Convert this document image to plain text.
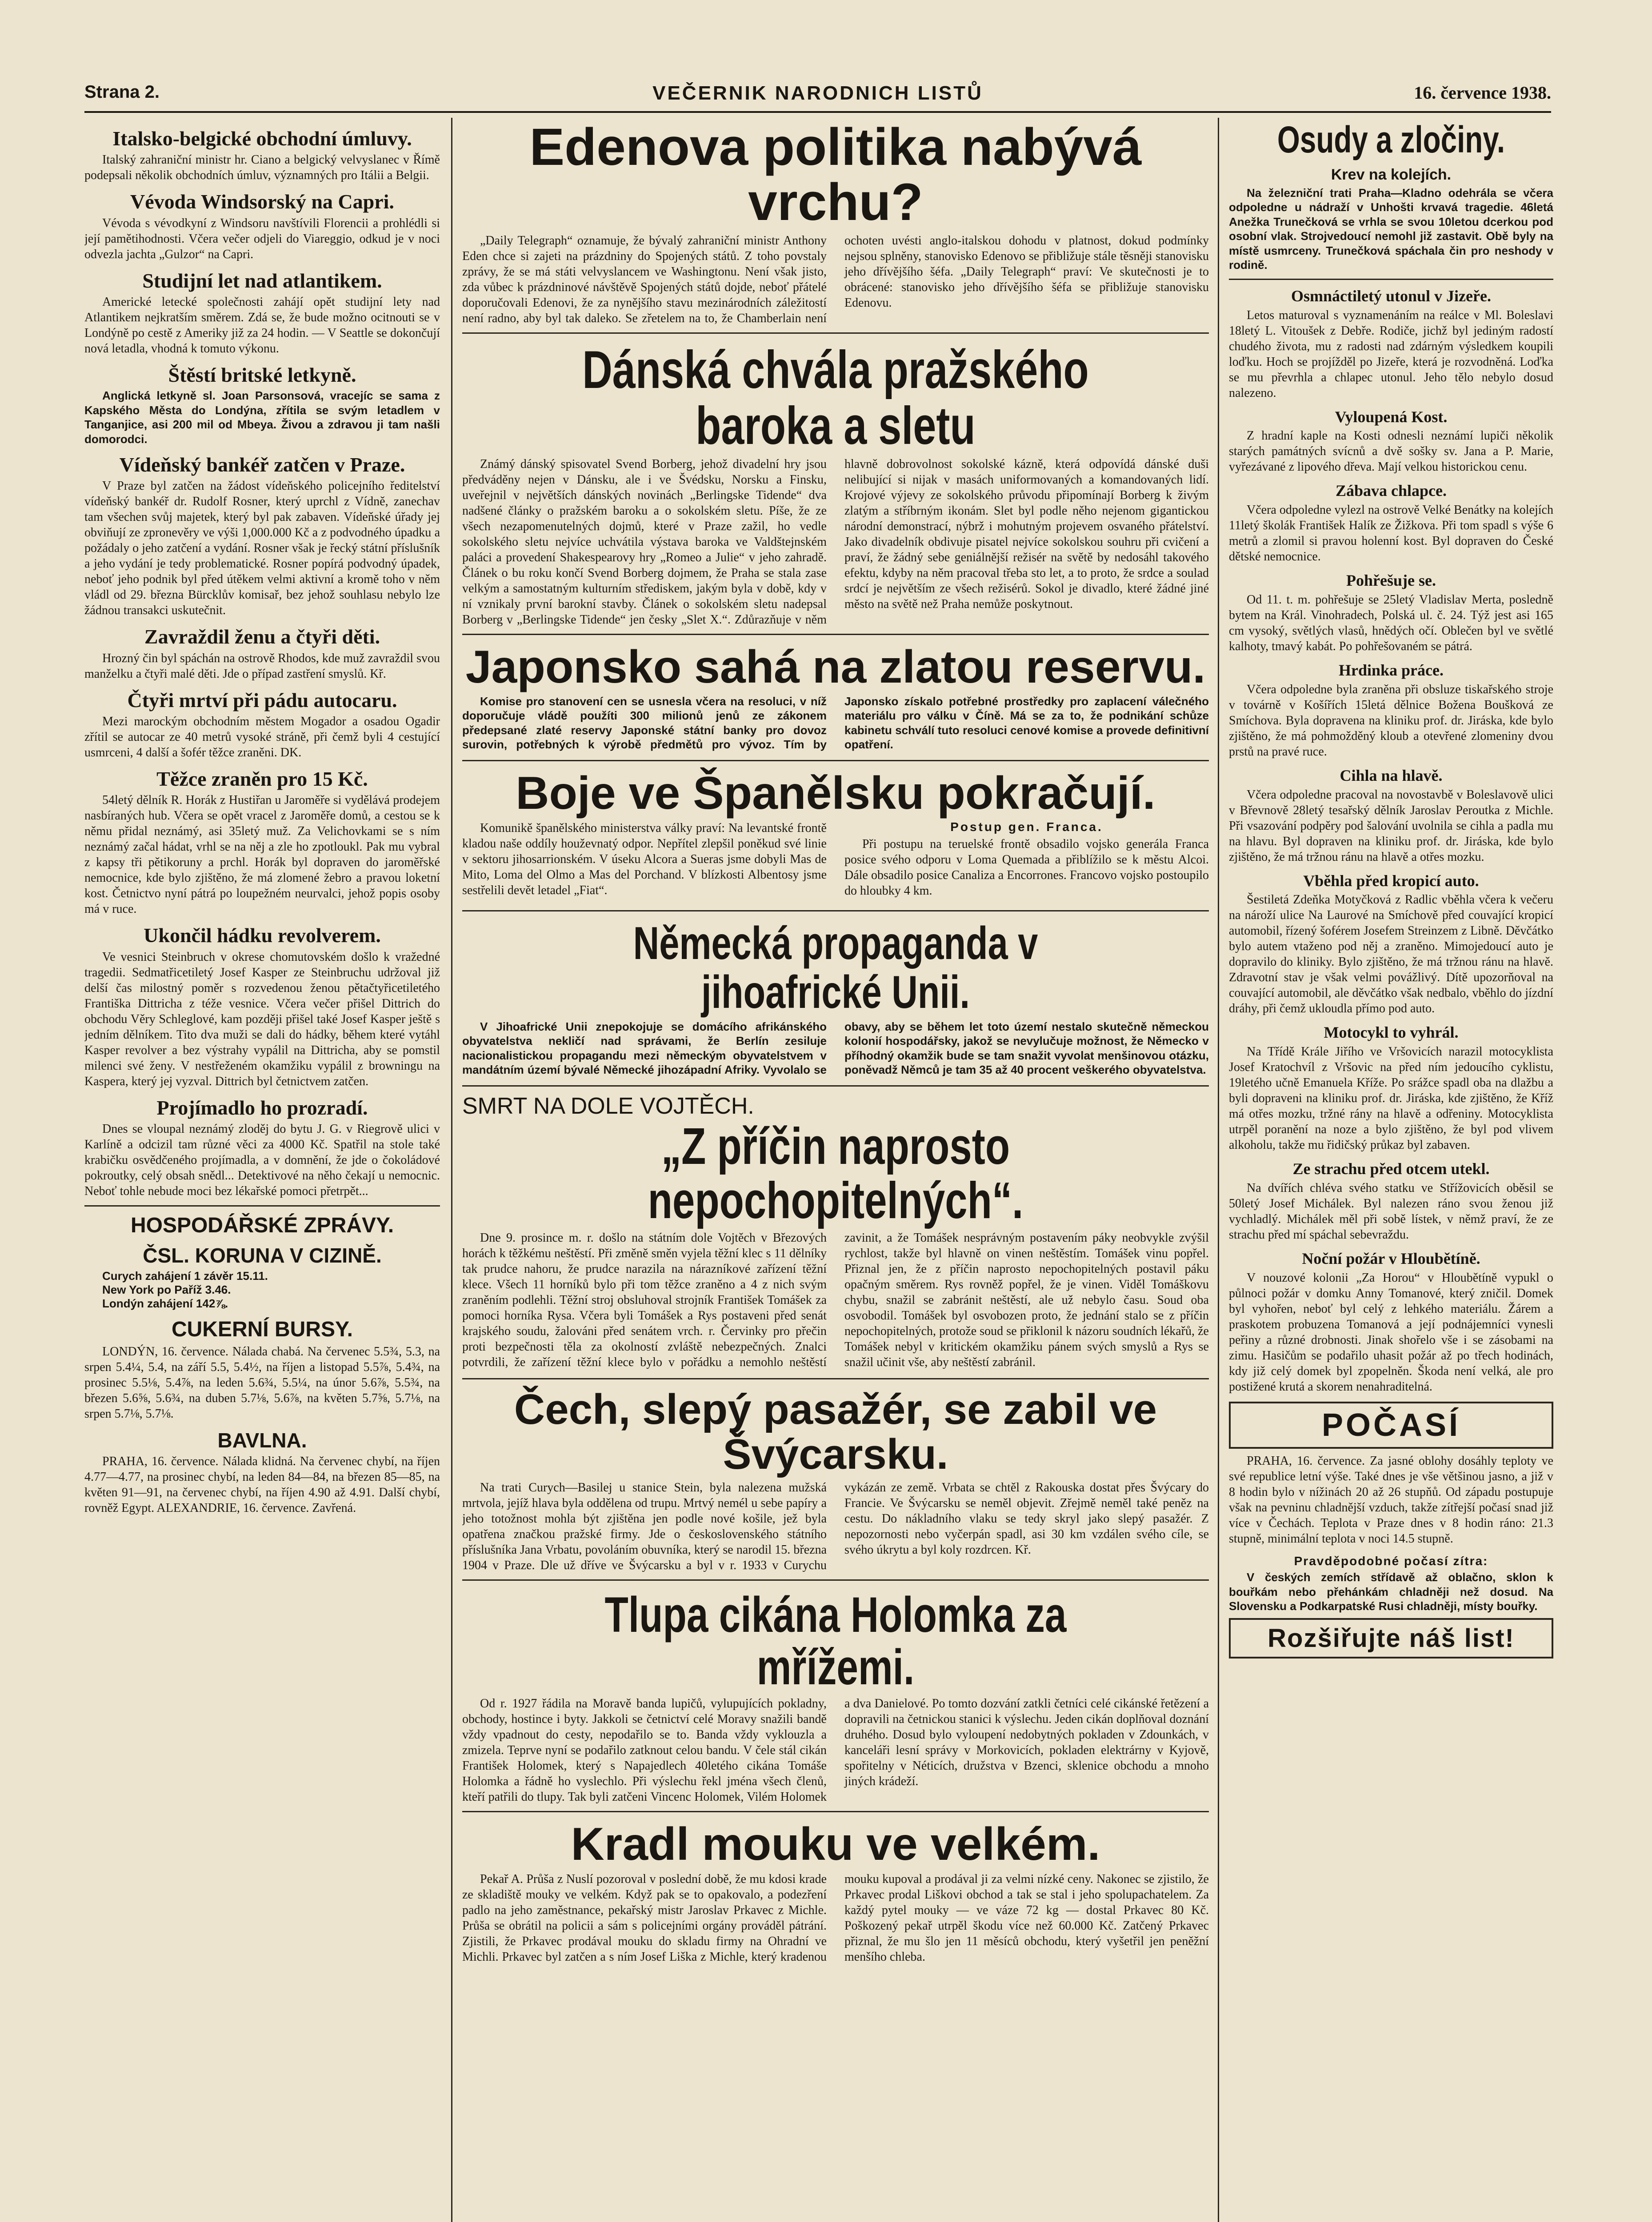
Strana 2.	VEČERNIK NARODNICH LISTŮ	16. července 1938.
Italsko-belgické obchodní úmluvy.

Italský zahraniční ministr hr. Ciano a belgický velvyslanec v Římě podepsali několik obchodních úmluv, významných pro Itálii a Belgii.

Vévoda Windsorský na Capri.

Vévoda s vévodkyní z Windsoru navštívili Florencii a prohlédli si její pamětihodnosti. Včera večer odjeli do Viareggio, odkud je v noci odvezla jachta „Gulzor“ na Capri.

Studijní let nad atlantikem.

Americké letecké společnosti zahájí opět studijní lety nad Atlantikem nejkratším směrem. Zdá se, že bude možno ocitnouti se v Londýně po cestě z Ameriky již za 24 hodin. — V Seattle se dokončují nová letadla, vhodná k tomuto výkonu.

Štěstí britské letkyně.

Anglická letkyně sl. Joan Parsonsová, vracejíc se sama z Kapského Města do Londýna, zřítila se svým letadlem v Tanganjice, asi 200 mil od Mbeya. Živou a zdravou ji tam našli domorodci.

Vídeňský bankéř zatčen v Praze.

V Praze byl zatčen na žádost vídeňského policejního ředitelství vídeňský bankéř dr. Rudolf Rosner, který uprchl z Vídně, zanechav tam všechen svůj majetek, který byl pak zabaven. Vídeňské úřady jej obviňují ze zpronevěry ve výši 1,000.000 Kč a z podvodného úpadku a požádaly o jeho zatčení a vydání. Rosner však je řecký státní příslušník a jeho vydání je tedy problematické. Rosner popírá podvodný úpadek, neboť jeho podnik byl před útěkem velmi aktivní a kromě toho v něm vládl od 29. března Bürcklův komisař, bez jehož souhlasu nebylo lze žádnou transakci uskutečnit.

Zavraždil ženu a čtyři děti.

Hrozný čin byl spáchán na ostrově Rhodos, kde muž zavraždil svou manželku a čtyři malé děti. Jde o případ zastření smyslů. Kř.

Čtyři mrtví při pádu autocaru.

Mezi marockým obchodním městem Mogador a osadou Ogadir zřítil se autocar ze 40 metrů vysoké stráně, při čemž byli 4 cestující usmrceni, 4 další a šofér těžce zraněni. DK.

Těžce zraněn pro 15 Kč.

54letý dělník R. Horák z Hustiřan u Jaroměře si vydělává prodejem nasbíraných hub. Včera se opět vracel z Jaroměře domů, a cestou se k němu přidal neznámý, asi 35letý muž. Za Velichovkami se s ním neznámý začal hádat, vrhl se na něj a zle ho zpotloukl. Pak mu vybral z kapsy tři pětikoruny a prchl. Horák byl dopraven do jaroměřské nemocnice, kde bylo zjištěno, že má zlomené žebro a pravou loketní kost. Četnictvo nyní pátrá po loupežném neurvalci, jehož popis osoby má v ruce.

Ukončil hádku revolverem.

Ve vesnici Steinbruch v okrese chomutovském došlo k vražedné tragedii. Sedmatřicetiletý Josef Kasper ze Steinbruchu udržoval již delší čas milostný poměr s rozvedenou ženou pětačtyřicetiletého Františka Dittricha z téže vesnice. Včera večer přišel Dittrich do obchodu Věry Schleglové, kam později přišel také Josef Kasper ještě s jedním dělníkem. Tito dva muži se dali do hádky, během které vytáhl Kasper revolver a bez výstrahy vypálil na Dittricha, aby se pomstil milenci své ženy. V nestřeženém okamžiku vypálil z browningu na Kaspera, který jej vyzval. Dittrich byl četnictvem zatčen.

Projímadlo ho prozradí.

Dnes se vloupal neznámý zloděj do bytu J. G. v Riegrově ulici v Karlíně a odcizil tam různé věci za 4000 Kč. Spatřil na stole také krabičku osvědčeného projímadla, a v domnění, že jde o čokoládové pokroutky, celý obsah snědl... Detektivové na něho čekají u nemocnic. Neboť tohle nebude moci bez lékařské pomoci přetrpět...

HOSPODÁŘSKÉ ZPRÁVY.
ČSL. KORUNA V CIZINĚ.
Curych zahájení 1 závěr 15.11.
New York po Paříž 3.46.
Londýn zahájení 142⅞.
CUKERNÍ BURSY.

LONDÝN, 16. července. Nálada chabá. Na červenec 5.5¾, 5.3, na srpen 5.4¼, 5.4, na září 5.5, 5.4½, na říjen a listopad 5.5⅞, 5.4¾, na prosinec 5.5⅛, 5.4⅞, na leden 5.6¾, 5.5¼, na únor 5.6⅞, 5.5¾, na březen 5.6⅝, 5.6¾, na duben 5.7⅛, 5.6⅞, na květen 5.7⅝, 5.7⅛, na srpen 5.7⅛, 5.7⅛.

BAVLNA.

PRAHA, 16. července. Nálada klidná. Na červenec chybí, na říjen 4.77—4.77, na prosinec chybí, na leden 84—84, na březen 85—85, na květen 91—91, na červenec chybí, na říjen 4.90 až 4.91. Další chybí, rovněž Egypt. ALEXANDRIE, 16. července. Zavřená.

Edenova politika nabývá vrchu?

„Daily Telegraph“ oznamuje, že bývalý zahraniční ministr Anthony Eden chce si zajeti na prázdniny do Spojených států. Z toho povstaly zprávy, že se má státi velvyslancem ve Washingtonu. Není však jisto, zda vůbec k prázdninové návštěvě Spojených států dojde, neboť přátelé doporučovali Edenovi, že za nynějšího stavu mezinárodních záležitostí není radno, aby byl tak daleko. Se zřetelem na to, že Chamberlain není ochoten uvésti anglo-italskou dohodu v platnost, dokud podmínky nejsou splněny, stanovisko Edenovo se přibližuje stále těsněji stanovisku jeho dřívějšího šéfa. „Daily Telegraph“ praví: Ve skutečnosti je to obrácené: stanovisko jeho dřívějšího šéfa se přibližuje stanovisku Edenovu.

Dánská chvála pražského baroka a sletu

Známý dánský spisovatel Svend Borberg, jehož divadelní hry jsou předváděny nejen v Dánsku, ale i ve Švédsku, Norsku a Finsku, uveřejnil v největších dánských novinách „Berlingske Tidende“ dva nadšené články o pražském baroku a o sokolském sletu. Píše, že ze všech nezapomenutelných dojmů, které v Praze zažil, ho vedle sokolského sletu nejvíce uchvátila výstava baroka ve Valdštejnském paláci a provedení Shakespearovy hry „Romeo a Julie“ v jeho zahradě. Článek o bu roku končí Svend Borberg dojmem, že Praha se stala zase velkým a samostatným kulturním střediskem, jakým byla v době, kdy v ní vznikaly první barokní stavby. Článek o sokolském sletu nadepsal Borberg v „Berlingske Tidende“ jen česky „Slet X.“. Zdůrazňuje v něm hlavně dobrovolnost sokolské kázně, která odpovídá dánské duši nelibující si nijak v masách uniformovaných a komandovaných lidí. Krojové výjevy ze sokolského průvodu připomínají Borberg k živým zlatým a stříbrným ikonám. Slet byl podle něho nejenom gigantickou národní demonstrací, nýbrž i mohutným projevem osvaného přátelství. Jako divadelník obdivuje pisatel nejvíce sokolskou souhru při cvičení a praví, že žádný sebe geniálnější režisér na světě by nedosáhl takového efektu, kdyby na něm pracoval třeba sto let, a to proto, že srdce a soulad srdcí je největším ze všech režisérů. Sokol je divadlo, které žádné jiné město na světě než Praha nemůže poskytnout.

Japonsko sahá na zlatou reservu.

Komise pro stanovení cen se usnesla včera na resoluci, v níž doporučuje vládě použíti 300 milionů jenů ze zákonem předepsané zlaté reservy Japonské státní banky pro dovoz surovin, potřebných k výrobě předmětů pro vývoz. Tím by Japonsko získalo potřebné prostředky pro zaplacení válečného materiálu pro válku v Číně. Má se za to, že podnikání schůze kabinetu schválí tuto resoluci cenové komise a provede definitivní opatření.

Boje ve Španělsku pokračují.

Komunikě španělského ministerstva války praví: Na levantské frontě kladou naše oddíly houževnatý odpor. Nepřítel zlepšil poněkud své linie v sektoru jihosarrionském. V úseku Alcora a Sueras jsme dobyli Mas de Mito, Loma del Olmo a Mas del Porchand. V blízkosti Albentosy jsme sestřelili devět letadel „Fiat“.

Postup gen. Franca.

Při postupu na teruelské frontě obsadilo vojsko generála Franca posice svého odporu v Loma Quemada a přiblížilo se k městu Alcoi. Dále obsadilo posice Canaliza a Encorrones. Francovo vojsko postoupilo do hloubky 4 km.

Německá propaganda v jihoafrické Unii.

V Jihoafrické Unii znepokojuje se domácího afrikánského obyvatelstva nekličí nad správami, že Berlín zesiluje nacionalistickou propagandu mezi německým obyvatelstvem v mandátním území bývalé Německé jihozápadní Afriky. Vyvolalo se obavy, aby se během let toto území nestalo skutečně německou kolonií hospodářsky, jakož se nevylučuje možnost, že Německo v příhodný okamžik bude se tam snažit vyvolat menšinovou otázku, poněvadž Němců je tam 35 až 40 procent veškerého obyvatelstva.

SMRT NA DOLE VOJTĚCH.
„Z příčin naprosto nepochopitelných“.

Dne 9. prosince m. r. došlo na státním dole Vojtěch v Březových horách k těžkému neštěstí. Při změně směn vyjela těžní klec s 11 dělníky tak prudce nahoru, že prudce narazila na nárazníkové zařízení těžní klece. Všech 11 horníků bylo při tom těžce zraněno a 4 z nich svým zraněním podlehli. Těžní stroj obsluhoval strojník František Tomášek za pomoci horníka Rysa. Včera byli Tomášek a Rys postaveni před senát krajského soudu, žalováni před senátem vrch. r. Červinky pro přečin proti bezpečnosti těla za okolností zvláště nebezpečných. Znalci potvrdili, že zařízení těžní klece bylo v pořádku a nemohlo neštěstí zavinit, a že Tomášek nesprávným postavením páky neobvykle zvýšil rychlost, takže byl hlavně on vinen neštěstím. Tomášek vinu popřel. Přiznal jen, že z příčin naprosto nepochopitelných postavil páku opačným směrem. Rys rovněž popřel, že je vinen. Viděl Tomáškovu chybu, snažil se zabránit neštěstí, ale už nebylo času. Soud oba osvobodil. Tomášek byl osvobozen proto, že jednání stalo se z příčin nepochopitelných, protože soud se přiklonil k názoru soudních lékařů, že Tomášek nebyl v kritickém okamžiku pánem svých smyslů a Rys se snažil učinit vše, aby neštěstí zabránil.

Čech, slepý pasažér, se zabil ve Švýcarsku.

Na trati Curych—Basilej u stanice Stein, byla nalezena mužská mrtvola, jejíž hlava byla oddělena od trupu. Mrtvý nemél u sebe papíry a jeho totožnost mohla být zjištěna jen podle nové košile, jež byla opatřena značkou pražské firmy. Jde o československého státního příslušníka Jana Vrbatu, povoláním obuvníka, který se narodil 15. března 1904 v Praze. Dle už dříve ve Švýcarsku a byl v r. 1933 v Curychu vykázán ze země. Vrbata se chtěl z Rakouska dostat přes Švýcary do Francie. Ve Švýcarsku se neměl objevit. Zřejmě neměl také peněz na cestu. Do nákladního vlaku se tedy skryl jako slepý pasažér. Z nepozornosti nebo vyčerpán spadl, asi 30 km vzdálen svého cíle, se svého úkrytu a byl koly rozdrcen. Kř.

Tlupa cikána Holomka za mřížemi.

Od r. 1927 řádila na Moravě banda lupičů, vylupujících pokladny, obchody, hostince i byty. Jakkoli se četnictví celé Moravy snažili bandě vždy vpadnout do cesty, nepodařilo se to. Banda vždy vyklouzla a zmizela. Teprve nyní se podařilo zatknout celou bandu. V čele stál cikán František Holomek, který s Napajedlech 40letého cikána Tomáše Holomka a řádně ho vyslechlo. Při výslechu řekl jména všech členů, kteří patřili do tlupy. Tak byli zatčeni Vincenc Holomek, Vilém Holomek a dva Danielové. Po tomto dozvání zatkli četníci celé cikánské řetězení a dopravili na četnickou stanici k výslechu. Jeden cikán doplňoval doznání druhého. Dosud bylo vyloupení nedobytných pokladen v Zdounkách, v kanceláři lesní správy v Morkovicích, pokladen elektrárny v Kyjově, spořitelny v Néticích, družstva v Bzenci, sklenice obchodu a mnoho jiných krádeží.

Kradl mouku ve velkém.

Pekař A. Průša z Nuslí pozoroval v poslední době, že mu kdosi krade ze skladiště mouky ve velkém. Když pak se to opakovalo, a podezření padlo na jeho zaměstnance, pekařský mistr Jaroslav Prkavec z Michle. Průša se obrátil na policii a sám s policejními orgány prováděl pátrání. Zjistili, že Prkavec prodával mouku do skladu firmy na Ohradní ve Michli. Prkavec byl zatčen a s ním Josef Liška z Michle, který kradenou mouku kupoval a prodával ji za velmi nízké ceny. Nakonec se zjistilo, že Prkavec prodal Liškovi obchod a tak se stal i jeho spolupachatelem. Za každý pytel mouky — ve váze 72 kg — dostal Prkavec 80 Kč. Poškozený pekař utrpěl škodu více než 60.000 Kč. Zatčený Prkavec přiznal, že mu šlo jen 11 měsíců obchodu, který vyšetřil jen peněžní menšího chleba.

Osudy a zločiny.
Krev na kolejích.

Na železniční trati Praha—Kladno odehrála se včera odpoledne u nádraží v Unhošti krvavá tragedie. 46letá Anežka Trunečková se vrhla se svou 10letou dcerkou pod osobní vlak. Strojvedoucí nemohl již zastavit. Obě byly na místě usmrceny. Trunečková spáchala čin pro neshody v rodině.

Osmnáctiletý utonul v Jizeře.

Letos maturoval s vyznamenáním na reálce v Ml. Boleslavi 18letý L. Vitoušek z Debře. Rodiče, jichž byl jediným radostí chudého života, mu z radosti nad zdárným výsledkem koupili loďku. Hoch se projížděl po Jizeře, která je rozvodněná. Loďka se mu převrhla a chlapec utonul. Jeho tělo nebylo dosud nalezeno.

Vyloupená Kost.

Z hradní kaple na Kosti odnesli neznámí lupiči několik starých památných svícnů a dvě sošky sv. Jana a P. Marie, vyřezávané z lipového dřeva. Mají velkou historickou cenu.

Zábava chlapce.

Včera odpoledne vylezl na ostrově Velké Benátky na kolejích 11letý školák František Halík ze Žižkova. Při tom spadl s výše 6 metrů a zlomil si pravou holenní kost. Byl dopraven do České dětské nemocnice.

Pohřešuje se.

Od 11. t. m. pohřešuje se 25letý Vladislav Merta, posledně bytem na Král. Vinohradech, Polská ul. č. 24. Týž jest asi 165 cm vysoký, světlých vlasů, hnědých očí. Oblečen byl ve světlé kalhoty, tmavý kabát. Po pohřešovaném se pátrá.

Hrdinka práce.

Včera odpoledne byla zraněna při obsluze tiskařského stroje v továrně v Košířích 15letá dělnice Božena Boušková ze Smíchova. Byla dopravena na kliniku prof. dr. Jiráska, kde bylo zjištěno, že má pohmožděný kloub a otevřené zlomeniny dvou prstů na pravé ruce.

Cihla na hlavě.

Včera odpoledne pracoval na novostavbě v Boleslavově ulici v Břevnově 28letý tesařský dělník Jaroslav Peroutka z Michle. Při vsazování podpěry pod šalování uvolnila se cihla a padla mu na hlavu. Byl dopraven na kliniku prof. dr. Jiráska, kde bylo zjištěno, že má tržnou ránu na hlavě a otřes mozku.

Vběhla před kropicí auto.

Šestiletá Zdeňka Motyčková z Radlic vběhla včera k večeru na nároží ulice Na Laurové na Smíchově před couvající kropicí automobil, řízený šoférem Josefem Streinzem z Libně. Děvčátko bylo autem vtaženo pod něj a zraněno. Mimojedoucí auto je dopravilo do kliniky. Bylo zjištěno, že má tržnou ránu na hlavě. Zdravotní stav je však velmi povážlivý. Dítě upozorňoval na couvající automobil, ale děvčátko však nedbalo, vběhlo do jízdní dráhy, při čemž ukloudla přímo pod auto.

Motocykl to vyhrál.

Na Třídě Krále Jiřího ve Vršovicích narazil motocyklista Josef Kratochvíl z Vršovic na před ním jedoucího cyklistu, 19letého učně Emanuela Kříže. Po srážce spadl oba na dlažbu a byli dopraveni na kliniku prof. dr. Jiráska, kde zjištěno, že Kříž má otřes mozku, tržné rány na hlavě a odřeniny. Motocyklista utrpěl poranění na noze a bylo zjištěno, že byl pod vlivem alkoholu, takže mu řidičský průkaz byl zabaven.

Ze strachu před otcem utekl.

Na dvířích chléva svého statku ve Střížovicích oběsil se 50letý Josef Michálek. Byl nalezen ráno svou ženou již vychladlý. Michálek měl při sobě lístek, v němž praví, že ze strachu před mí spáchal sebevraždu.

Noční požár v Hloubětíně.

V nouzové kolonii „Za Horou“ v Hloubětíně vypukl o půlnoci požár v domku Anny Tomanové, který zničil. Domek byl vyhořen, neboť byl celý z lehkého materiálu. Žárem a praskotem probuzena Tomanová a její podnájemníci vynesli peřiny a různé drobnosti. Jinak shořelo vše i se zásobami na zimu. Hasičům se podařilo uhasit požár až po třech hodinách, kdy již celý domek byl zpopelněn. Škoda není velká, ale pro postižené krutá a skorem nenahraditelná.

POČASÍ

PRAHA, 16. července. Za jasné oblohy dosáhly teploty ve své republice letní výše. Také dnes je vše většinou jasno, a již v 8 hodin bylo v nížinách 20 až 26 stupňů. Od západu postupuje však na pevninu chladnější vzduch, takže zítřejší počasí snad již více v Čechách. Teplota v Praze dnes v 8 hodin ráno: 21.3 stupně, minimální teplota v noci 14.5 stupně.

Pravděpodobné počasí zítra:

V českých zemích střídavě až oblačno, sklon k bouřkám nebo přehánkám chladněji než dosud. Na Slovensku a Podkarpatské Rusi chladněji, místy bouřky.

Rozšiřujte náš list!
